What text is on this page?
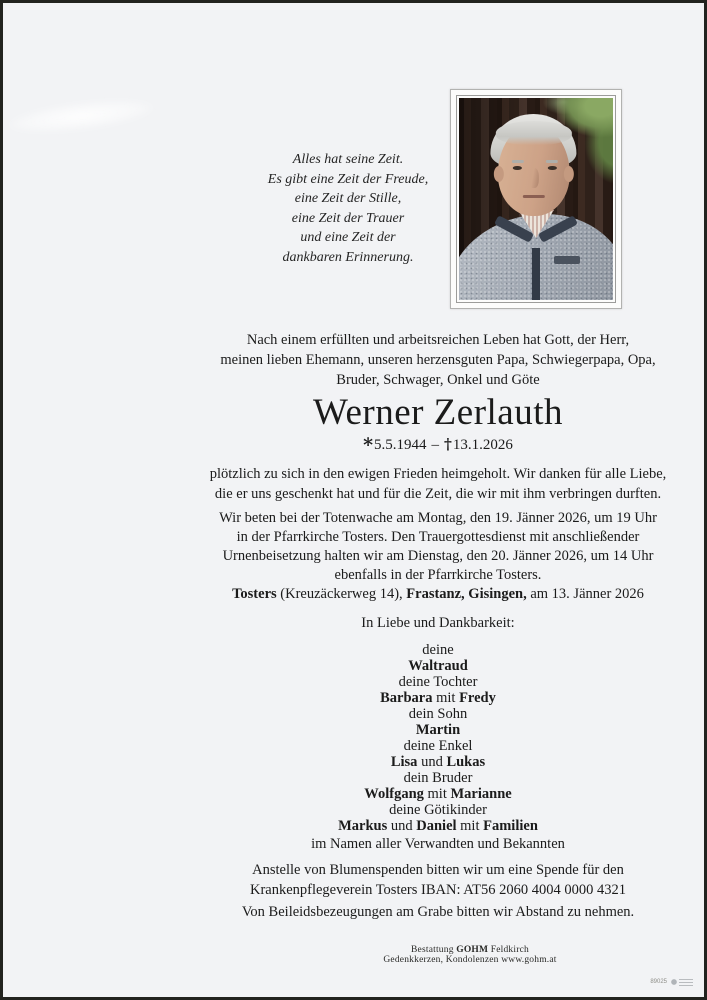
Alles hat seine Zeit.
Es gibt eine Zeit der Freude,
eine Zeit der Stille,
eine Zeit der Trauer
und eine Zeit der
dankbaren Erinnerung.
Nach einem erfüllten und arbeitsreichen Leben hat Gott, der Herr,
meinen lieben Ehemann, unseren herzensguten Papa, Schwiegerpapa, Opa,
Bruder, Schwager, Onkel und Göte
Werner Zerlauth
*5.5.1944 – †13.1.2026
plötzlich zu sich in den ewigen Frieden heimgeholt. Wir danken für alle Liebe,
die er uns geschenkt hat und für die Zeit, die wir mit ihm verbringen durften.
Wir beten bei der Totenwache am Montag, den 19. Jänner 2026, um 19 Uhr
in der Pfarrkirche Tosters. Den Trauergottesdienst mit anschließender
Urnenbeisetzung halten wir am Dienstag, den 20. Jänner 2026, um 14 Uhr
ebenfalls in der Pfarrkirche Tosters.
Tosters (Kreuzäckerweg 14), Frastanz, Gisingen, am 13. Jänner 2026
In Liebe und Dankbarkeit:
deine
Waltraud
deine Tochter
Barbara mit Fredy
dein Sohn
Martin
deine Enkel
Lisa und Lukas
dein Bruder
Wolfgang mit Marianne
deine Götikinder
Markus und Daniel mit Familien
im Namen aller Verwandten und Bekannten
Anstelle von Blumenspenden bitten wir um eine Spende für den
Krankenpflegeverein Tosters IBAN: AT56 2060 4004 0000 4321
Von Beileidsbezeugungen am Grabe bitten wir Abstand zu nehmen.
Bestattung GOHM Feldkirch
Gedenkkerzen, Kondolenzen www.gohm.at
89025
